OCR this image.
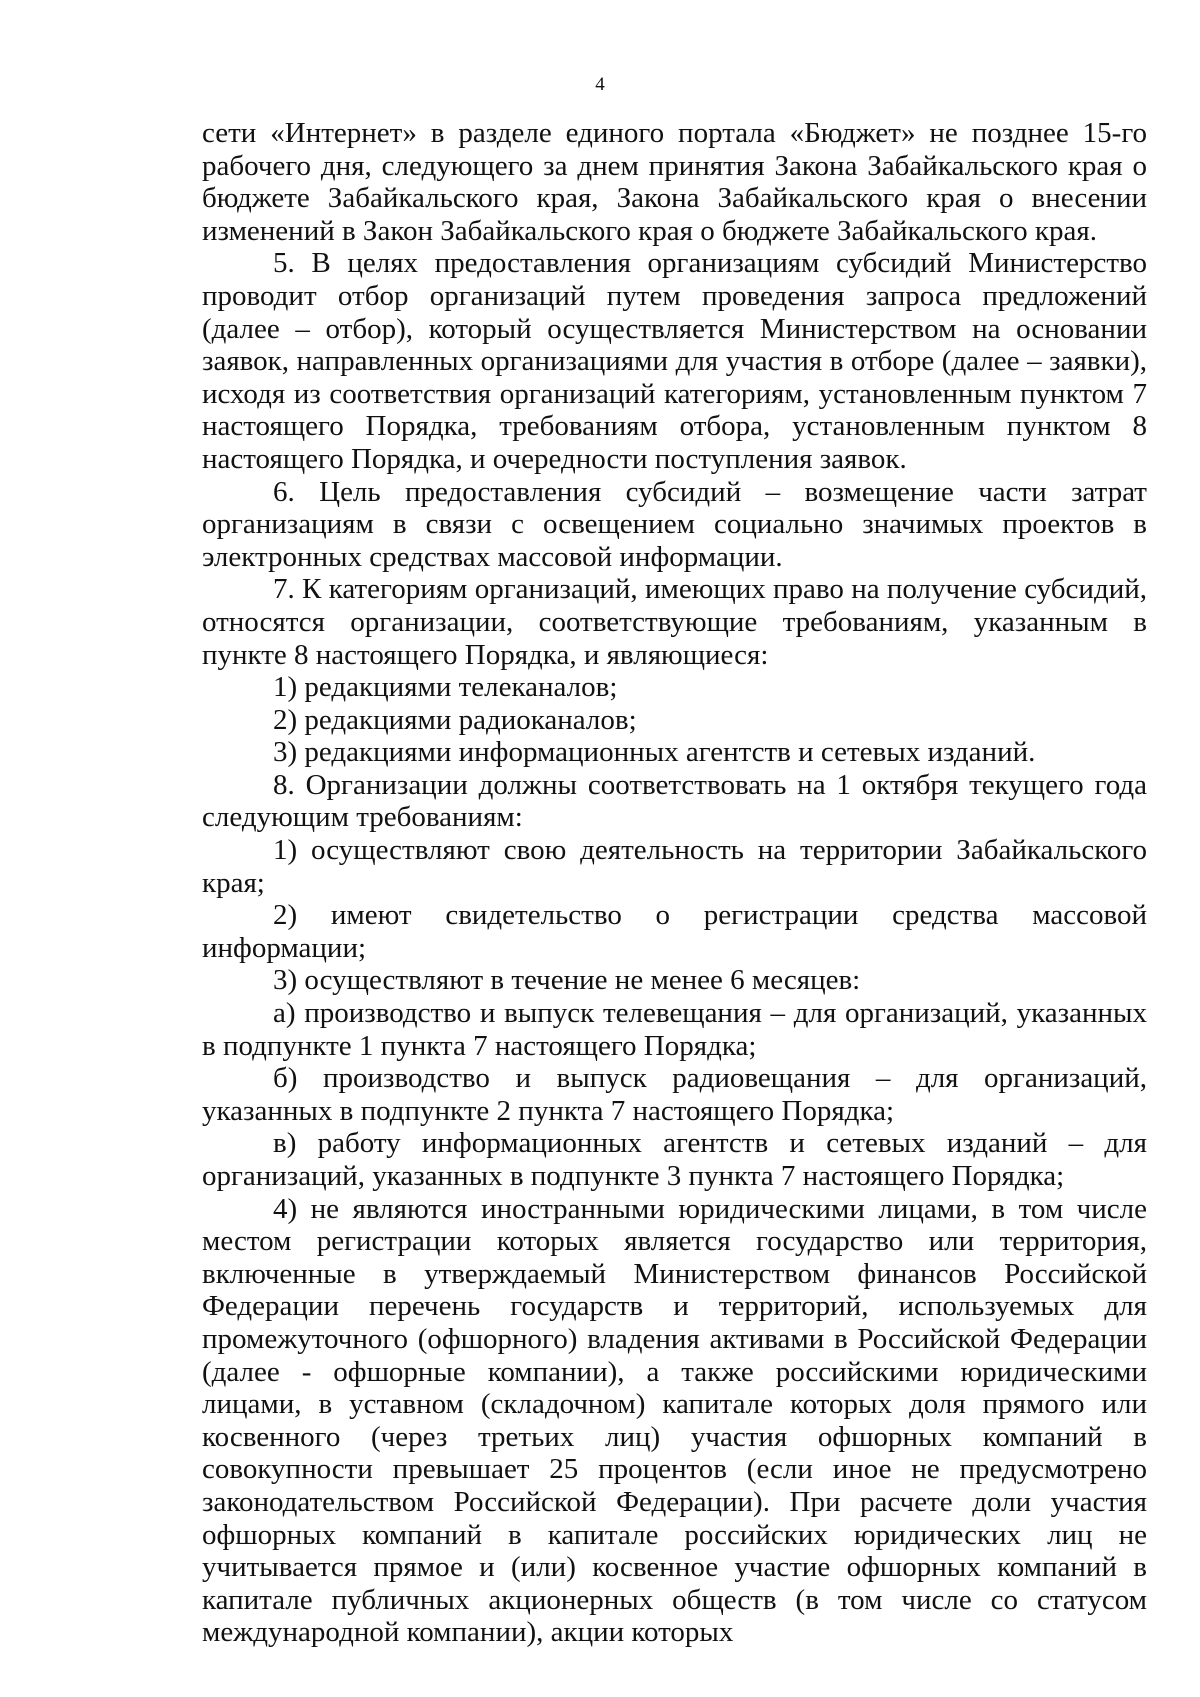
4

сети «Интернет» в разделе единого портала «Бюджет» не позднее 15-го рабочего дня, следующего за днем принятия Закона Забайкальского края о бюджете Забайкальского края, Закона Забайкальского края о внесении изменений в Закон Забайкальского края о бюджете Забайкальского края.

5. В целях предоставления организациям субсидий Министерство проводит отбор организаций путем проведения запроса предложений (далее – отбор), который осуществляется Министерством на основании заявок, направленных организациями для участия в отборе (далее – заявки), исходя из соответствия организаций категориям, установленным пунктом 7 настоящего Порядка, требованиям отбора, установленным пунктом 8 настоящего Порядка, и очередности поступления заявок.

6. Цель предоставления субсидий – возмещение части затрат организациям в связи с освещением социально значимых проектов в электронных средствах массовой информации.

7. К категориям организаций, имеющих право на получение субсидий, относятся организации, соответствующие требованиям, указанным в пункте 8 настоящего Порядка, и являющиеся:

1) редакциями телеканалов;

2) редакциями радиоканалов;

3) редакциями информационных агентств и сетевых изданий.

8. Организации должны соответствовать на 1 октября текущего года следующим требованиям:

1) осуществляют свою деятельность на территории Забайкальского края;

2) имеют свидетельство о регистрации средства массовой информации;

3) осуществляют в течение не менее 6 месяцев:

а) производство и выпуск телевещания – для организаций, указанных в подпункте 1 пункта 7 настоящего Порядка;

б) производство и выпуск радиовещания – для организаций, указанных в подпункте 2 пункта 7 настоящего Порядка;

в) работу информационных агентств и сетевых изданий – для организаций, указанных в подпункте 3 пункта 7 настоящего Порядка;

4) не являются иностранными юридическими лицами, в том числе местом регистрации которых является государство или территория, включенные в утверждаемый Министерством финансов Российской Федерации перечень государств и территорий, используемых для промежуточного (офшорного) владения активами в Российской Федерации (далее - офшорные компании), а также российскими юридическими лицами, в уставном (складочном) капитале которых доля прямого или косвенного (через третьих лиц) участия офшорных компаний в совокупности превышает 25 процентов (если иное не предусмотрено законодательством Российской Федерации). При расчете доли участия офшорных компаний в капитале российских юридических лиц не учитывается прямое и (или) косвенное участие офшорных компаний в капитале публичных акционерных обществ (в том числе со статусом международной компании), акции которых
